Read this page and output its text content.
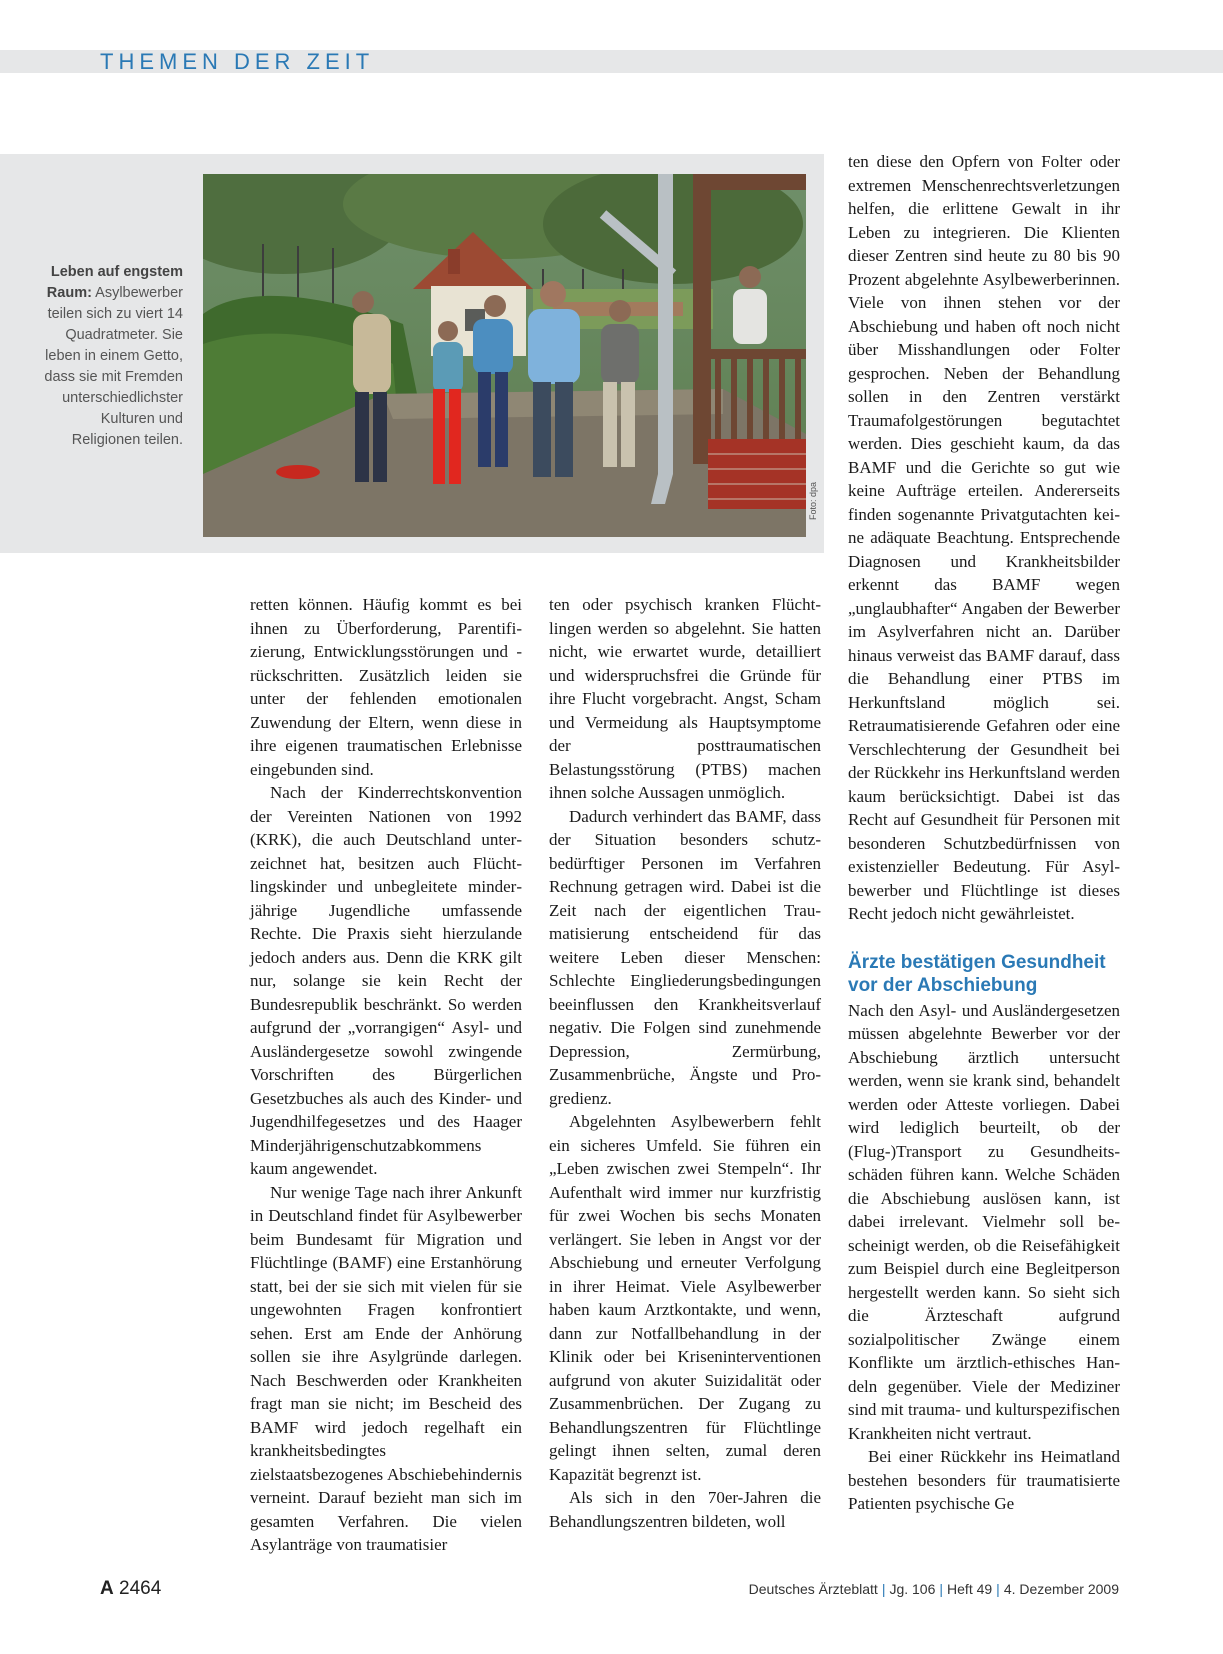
THEMEN DER ZEIT
Leben auf engstem Raum: Asylbewerber teilen sich zu viert 14 Quadratmeter. Sie leben in einem Getto, dass sie mit Fremden unterschiedlichster Kulturen und Religionen teilen.

retten können. Häufig kommt es bei ihnen zu Überforderung, Parentifizierung, Entwicklungsstörungen und -rückschritten. Zusätzlich leiden sie unter der fehlenden emotionalen Zuwendung der Eltern, wenn diese in ihre eigenen traumatischen Erlebnisse eingebunden sind.

Nach der Kinderrechtskonvention der Vereinten Nationen von 1992 (KRK), die auch Deutschland unterzeichnet hat, besitzen auch Flüchtlingskinder und unbegleitete minderjährige Jugendliche umfassende Rechte. Die Praxis sieht hierzulande jedoch anders aus. Denn die KRK gilt nur, solange sie kein Recht der Bundesrepublik beschränkt. So werden aufgrund der „vorrangigen“ Asyl- und Ausländergesetze sowohl zwingende Vorschriften des Bürgerlichen Gesetzbuches als auch des Kinder- und Jugendhilfegesetzes und des Haager Minderjährigenschutzabkommens kaum angewendet.

Nur wenige Tage nach ihrer Ankunft in Deutschland findet für Asylbewerber beim Bundesamt für Migration und Flüchtlinge (BAMF) eine Erstanhörung statt, bei der sie sich mit vielen für sie ungewohnten Fragen konfrontiert sehen. Erst am Ende der Anhörung sollen sie ihre Asylgründe darlegen. Nach Beschwerden oder Krankheiten fragt man sie nicht; im Bescheid des BAMF wird jedoch regelhaft ein krankheitsbedingtes zielstaatsbezogenes Abschiebehindernis verneint. Darauf bezieht man sich im gesamten Verfahren. Die vielen Asylanträge von traumatisier

ten oder psychisch kranken Flüchtlingen werden so abgelehnt. Sie hatten nicht, wie erwartet wurde, detailliert und widerspruchsfrei die Gründe für ihre Flucht vorgebracht. Angst, Scham und Vermeidung als Hauptsymptome der posttraumatischen Belastungsstörung (PTBS) machen ihnen solche Aussagen unmöglich.

Dadurch verhindert das BAMF, dass der Situation besonders schutzbedürftiger Personen im Verfahren Rechnung getragen wird. Dabei ist die Zeit nach der eigentlichen Traumatisierung entscheidend für das weitere Leben dieser Menschen: Schlechte Eingliederungsbedingungen beeinflussen den Krankheitsverlauf negativ. Die Folgen sind zunehmende Depression, Zermürbung, Zusammenbrüche, Ängste und Progredienz.

Abgelehnten Asylbewerbern fehlt ein sicheres Umfeld. Sie führen ein „Leben zwischen zwei Stempeln“. Ihr Aufenthalt wird immer nur kurzfristig für zwei Wochen bis sechs Monaten verlängert. Sie leben in Angst vor der Abschiebung und erneuter Verfolgung in ihrer Heimat. Viele Asylbewerber haben kaum Arztkontakte, und wenn, dann zur Notfallbehandlung in der Klinik oder bei Kriseninterventionen aufgrund von akuter Suizidalität oder Zusammenbrüchen. Der Zugang zu Behandlungszentren für Flüchtlinge gelingt ihnen selten, zumal deren Kapazität begrenzt ist.

Als sich in den 70er-Jahren die Behandlungszentren bildeten, woll

ten diese den Opfern von Folter oder extremen Menschenrechtsverletzungen helfen, die erlittene Gewalt in ihr Leben zu integrieren. Die Klienten dieser Zentren sind heute zu 80 bis 90 Prozent abgelehnte Asylbewerberinnen. Viele von ihnen stehen vor der Abschiebung und haben oft noch nicht über Misshandlungen oder Folter gesprochen. Neben der Behandlung sollen in den Zentren verstärkt Traumafolgestörungen begutachtet werden. Dies geschieht kaum, da das BAMF und die Gerichte so gut wie keine Aufträge erteilen. Andererseits finden sogenannte Privatgutachten keine adäquate Beachtung. Entsprechende Diagnosen und Krankheitsbilder erkennt das BAMF wegen „unglaubhafter“ Angaben der Bewerber im Asylverfahren nicht an. Darüber hinaus verweist das BAMF darauf, dass die Behandlung einer PTBS im Herkunftsland möglich sei. Retraumatisierende Gefahren oder eine Verschlechterung der Gesundheit bei der Rückkehr ins Herkunftsland werden kaum berücksichtigt. Dabei ist das Recht auf Gesundheit für Personen mit besonderen Schutzbedürfnissen von existenzieller Bedeutung. Für Asylbewerber und Flüchtlinge ist dieses Recht jedoch nicht gewährleistet.

Ärzte bestätigen Gesundheit
vor der Abschiebung

Nach den Asyl- und Ausländergesetzen müssen abgelehnte Bewerber vor der Abschiebung ärztlich untersucht werden, wenn sie krank sind, behandelt werden oder Atteste vorliegen. Dabei wird lediglich beurteilt, ob der (Flug-)Transport zu Gesundheitsschäden führen kann. Welche Schäden die Abschiebung auslösen kann, ist dabei irrelevant. Vielmehr soll bescheinigt werden, ob die Reisefähigkeit zum Beispiel durch eine Begleitperson hergestellt werden kann. So sieht sich die Ärzteschaft aufgrund sozialpolitischer Zwänge einem Konflikte um ärztlich-ethisches Handeln gegenüber. Viele der Mediziner sind mit trauma- und kulturspezifischen Krankheiten nicht vertraut.

Bei einer Rückkehr ins Heimatland bestehen besonders für traumatisierte Patienten psychische Ge

A 2464	Deutsches Ärzteblatt | Jg. 106 | Heft 49 | 4. Dezember 2009
